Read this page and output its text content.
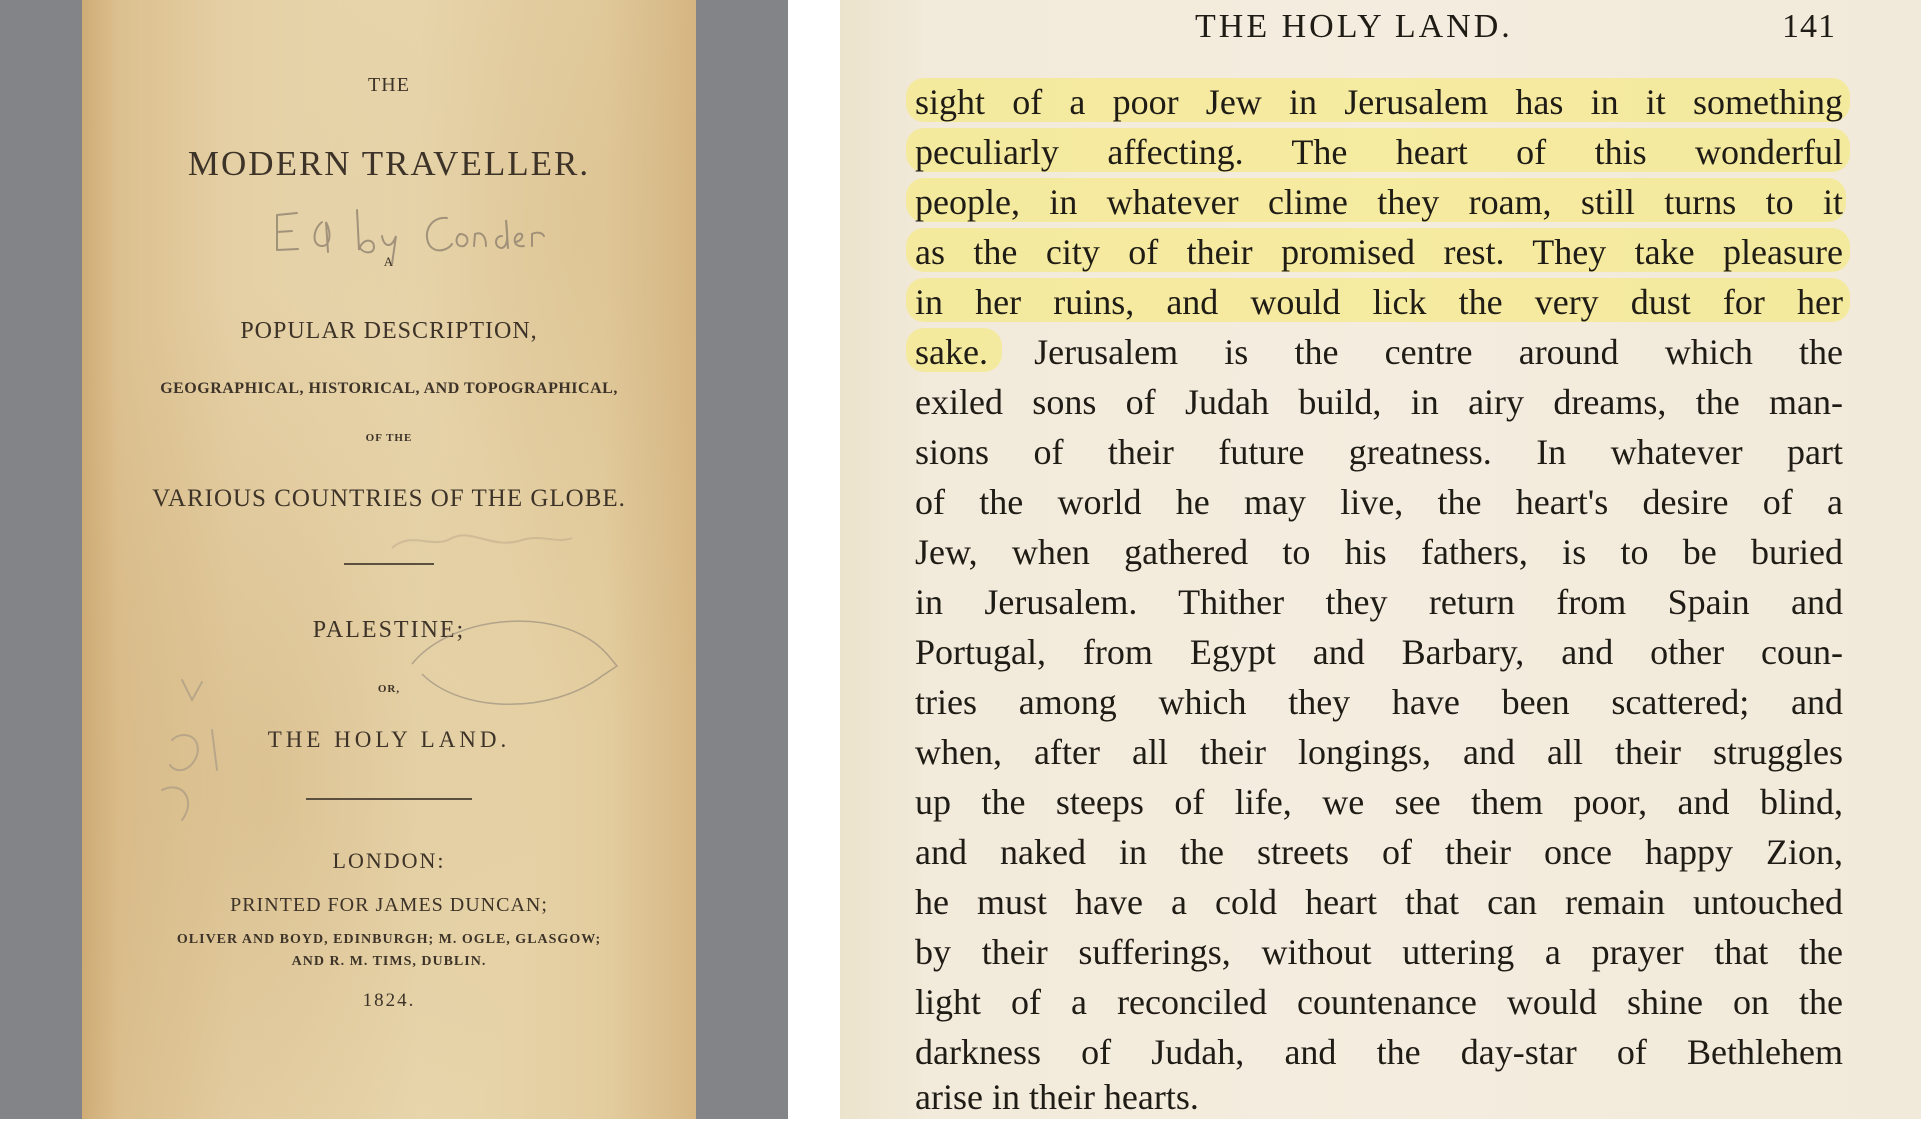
THE
MODERN TRAVELLER.
A
POPULAR DESCRIPTION,
GEOGRAPHICAL, HISTORICAL, AND TOPOGRAPHICAL,
OF THE
VARIOUS COUNTRIES OF THE GLOBE.
PALESTINE;
OR,
THE HOLY LAND.
LONDON:
PRINTED FOR JAMES DUNCAN;
OLIVER AND BOYD, EDINBURGH; M. OGLE, GLASGOW;
AND R. M. TIMS, DUBLIN.
1824.
THE HOLY LAND.	141
sight of a poor Jew in Jerusalem has in it something
peculiarly affecting. The heart of this wonderful
people, in whatever clime they roam, still turns to it
as the city of their promised rest. They take pleasure
in her ruins, and would lick the very dust for her
sake. Jerusalem is the centre around which the
exiled sons of Judah build, in airy dreams, the man-
sions of their future greatness. In whatever part
of the world he may live, the heart's desire of a
Jew, when gathered to his fathers, is to be buried
in Jerusalem. Thither they return from Spain and
Portugal, from Egypt and Barbary, and other coun-
tries among which they have been scattered; and
when, after all their longings, and all their struggles
up the steeps of life, we see them poor, and blind,
and naked in the streets of their once happy Zion,
he must have a cold heart that can remain untouched
by their sufferings, without uttering a prayer that the
light of a reconciled countenance would shine on the
darkness of Judah, and the day-star of Bethlehem
arise in their hearts.
